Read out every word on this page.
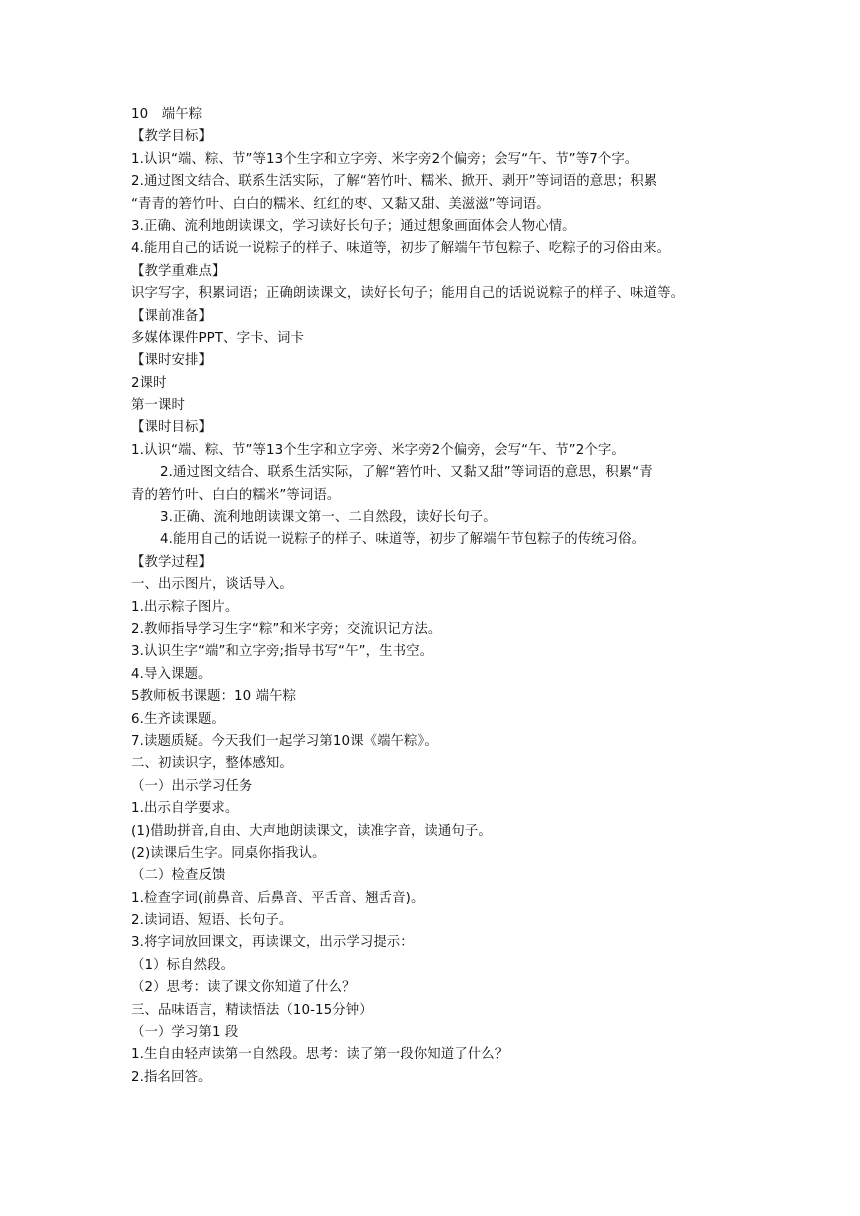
10　端午粽
【教学目标】
1.认识“端、粽、节”等13个生字和立字旁、米字旁2个偏旁；会写“午、节”等7个字。
2.通过图文结合、联系生活实际，了解“箬竹叶、糯米、掀开、剥开”等词语的意思；积累
“青青的箬竹叶、白白的糯米、红红的枣、又黏又甜、美滋滋”等词语。
3.正确、流利地朗读课文，学习读好长句子；通过想象画面体会人物心情。
4.能用自己的话说一说粽子的样子、味道等，初步了解端午节包粽子、吃粽子的习俗由来。
【教学重难点】
识字写字，积累词语；正确朗读课文，读好长句子；能用自己的话说说粽子的样子、味道等。
【课前准备】
多媒体课件PPT、字卡、词卡
【课时安排】
2课时
第一课时
【课时目标】
1.认识“端、粽、节”等13个生字和立字旁、米字旁2个偏旁，会写“午、节”2个字。
2.通过图文结合、联系生活实际，了解“箬竹叶、又黏又甜”等词语的意思，积累“青
青的箬竹叶、白白的糯米”等词语。
3.正确、流利地朗读课文第一、二自然段，读好长句子。
4.能用自己的话说一说粽子的样子、味道等，初步了解端午节包粽子的传统习俗。
【教学过程】
一、出示图片，谈话导入。
1.出示粽子图片。
2.教师指导学习生字“粽”和米字旁；交流识记方法。
3.认识生字“端”和立字旁;指导书写“午”，生书空。
4.导入课题。
5教师板书课题：10 端午粽
6.生齐读课题。
7.读题质疑。今天我们一起学习第10课《端午粽》。
二、初读识字，整体感知。
（一）出示学习任务
1.出示自学要求。
(1)借助拼音,自由、大声地朗读课文，读准字音，读通句子。
(2)读课后生字。同桌你指我认。
（二）检查反馈
1.检查字词(前鼻音、后鼻音、平舌音、翘舌音)。
2.读词语、短语、长句子。
3.将字词放回课文，再读课文，出示学习提示：
（1）标自然段。
（2）思考：读了课文你知道了什么？
三、品味语言，精读悟法（10-15分钟）
（一）学习第1 段
1.生自由轻声读第一自然段。思考：读了第一段你知道了什么？
2.指名回答。
